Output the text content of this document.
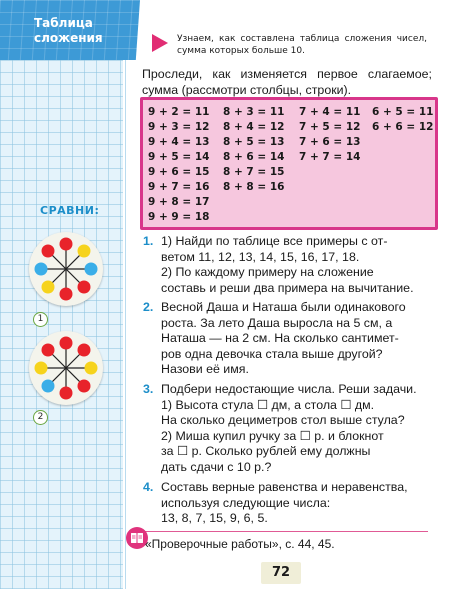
Таблица
сложения
СРАВНИ:
1
2
Узнаем, как составлена таблица сложения чисел, сумма которых больше 10.
Проследи, как изменяется первое слагаемое; сумма (рассмотри столбцы, строки).
9 + 2 = 11
9 + 3 = 12
9 + 4 = 13
9 + 5 = 14
9 + 6 = 15
9 + 7 = 16
9 + 8 = 17
9 + 9 = 18
8 + 3 = 11
8 + 4 = 12
8 + 5 = 13
8 + 6 = 14
8 + 7 = 15
8 + 8 = 16
7 + 4 = 11
7 + 5 = 12
7 + 6 = 13
7 + 7 = 14
6 + 5 = 11
6 + 6 = 12
1. 1) Найди по таблице все примеры с от-
ветом 11, 12, 13, 14, 15, 16, 17, 18.
2) По каждому примеру на сложение
составь и реши два примера на вычитание.
2. Весной Даша и Наташа были одинакового
роста. За лето Даша выросла на 5 см, а
Наташа — на 2 см. На сколько сантимет-
ров одна девочка стала выше другой?
Назови её имя.
3. Подбери недостающие числа. Реши задачи.
1) Высота стула ☐ дм, а стола ☐ дм.
На сколько дециметров стол выше стула?
2) Миша купил ручку за ☐ р. и блокнот
за ☐ р. Сколько рублей ему должны
дать сдачи с 10 р.?
4. Составь верные равенства и неравенства,
используя следующие числа:
13, 8, 7, 15, 9, 6, 5.
«Проверочные работы», с. 44, 45.
72
